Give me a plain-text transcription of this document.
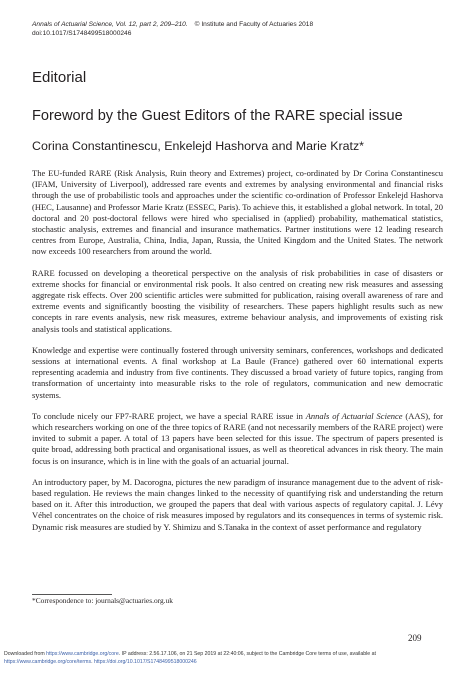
Annals of Actuarial Science, Vol. 12, part 2, 209–210.   © Institute and Faculty of Actuaries 2018
doi:10.1017/S1748499518000246
Editorial
Foreword by the Guest Editors of the RARE special issue
Corina Constantinescu, Enkelejd Hashorva and Marie Kratz*

The EU-funded RARE (Risk Analysis, Ruin theory and Extremes) project, co-ordinated by Dr Corina Constantinescu (IFAM, University of Liverpool), addressed rare events and extremes by analysing environmental and financial risks through the use of probabilistic tools and approaches under the scientific co-ordination of Professor Enkelejd Hashorva (HEC, Lausanne) and Professor Marie Kratz (ESSEC, Paris). To achieve this, it established a global network. In total, 20 doctoral and 20 post-doctoral fellows were hired who specialised in (applied) probability, mathematical statistics, stochastic analysis, extremes and financial and insurance mathematics. Partner institutions were 12 leading research centres from Europe, Australia, China, India, Japan, Russia, the United Kingdom and the United States. The network now exceeds 100 researchers from around the world.

RARE focussed on developing a theoretical perspective on the analysis of risk probabilities in case of disasters or extreme shocks for financial or environmental risk pools. It also centred on creating new risk measures and assessing aggregate risk effects. Over 200 scientific articles were submitted for publication, raising overall awareness of rare and extreme events and significantly boosting the visibility of researchers. These papers highlight results such as new concepts in rare events analysis, new risk measures, extreme behaviour analysis, and improvements of existing risk analysis tools and statistical applications.

Knowledge and expertise were continually fostered through university seminars, conferences, workshops and dedicated sessions at international events. A final workshop at La Baule (France) gathered over 60 international experts representing academia and industry from five continents. They discussed a broad variety of future topics, ranging from transformation of uncertainty into measurable risks to the role of regulators, communication and new democratic systems.

To conclude nicely our FP7-RARE project, we have a special RARE issue in Annals of Actuarial Science (AAS), for which researchers working on one of the three topics of RARE (and not necessarily members of the RARE project) were invited to submit a paper. A total of 13 papers have been selected for this issue. The spectrum of papers presented is quite broad, addressing both practical and organisational issues, as well as theoretical advances in risk theory. The main focus is on insurance, which is in line with the goals of an actuarial journal.

An introductory paper, by M. Dacorogna, pictures the new paradigm of insurance management due to the advent of risk-based regulation. He reviews the main changes linked to the necessity of quantifying risk and understanding the return based on it. After this introduction, we grouped the papers that deal with various aspects of regulatory capital. J. Lévy Véhel concentrates on the choice of risk measures imposed by regulators and its consequences in terms of systemic risk. Dynamic risk measures are studied by Y. Shimizu and S.Tanaka in the context of asset performance and regulatory

*Correspondence to: journals@actuaries.org.uk
209
Downloaded from https://www.cambridge.org/core. IP address: 2.56.17.106, on 21 Sep 2019 at 22:40:06, subject to the Cambridge Core terms of use, available at
https://www.cambridge.org/core/terms. https://doi.org/10.1017/S1748499518000246
